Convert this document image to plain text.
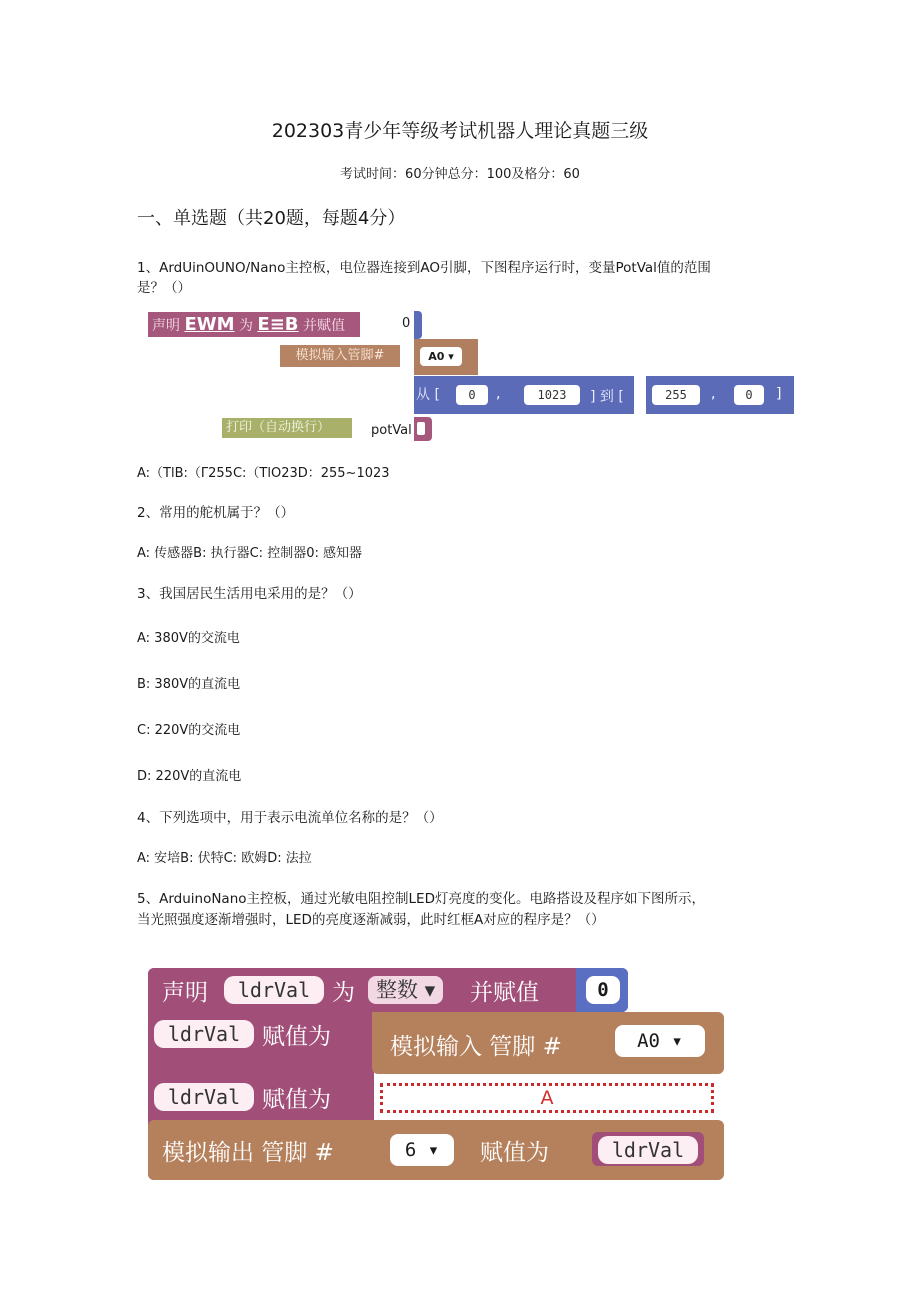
202303青少年等级考试机器人理论真题三级
考试时间：60分钟总分：100及格分：60
一、单选题（共20题，每题4分）
1、ArdUinOUNO/Nano主控板，电位器连接到AO引脚，下图程序运行时，变量PotVal值的范围
是？（）
声明 EWM 为 E≡B 并赋值	0
模拟输入管脚#	A0 ▾
从 [	0	1023	] 到 [	255	,	0	]
,
打印（自动换行）	potVal
A:（TlB:（Γ255C:（TlO23D：255~1023
2、常用的舵机属于？（）
A: 传感器B: 执行器C: 控制器0: 感知器
3、我国居民生活用电采用的是？（）
A: 380V的交流电
B: 380V的直流电
C: 220V的交流电
D: 220V的直流电
4、下列选项中，用于表示电流单位名称的是？（）
A: 安培B: 伏特C: 欧姆D: 法拉
5、ArduinoNano主控板，通过光敏电阻控制LED灯亮度的变化。电路搭设及程序如下图所示，
当光照强度逐渐增强时，LED的亮度逐渐减弱，此时红框A对应的程序是？（）
声明	ldrVal 为	整数 ▾	并赋值	0
ldrVal 赋值为	模拟输入 管脚 #	A0 ▾
ldrVal 赋值为	A
模拟输出 管脚 #	6 ▾	赋值为	ldrVal
